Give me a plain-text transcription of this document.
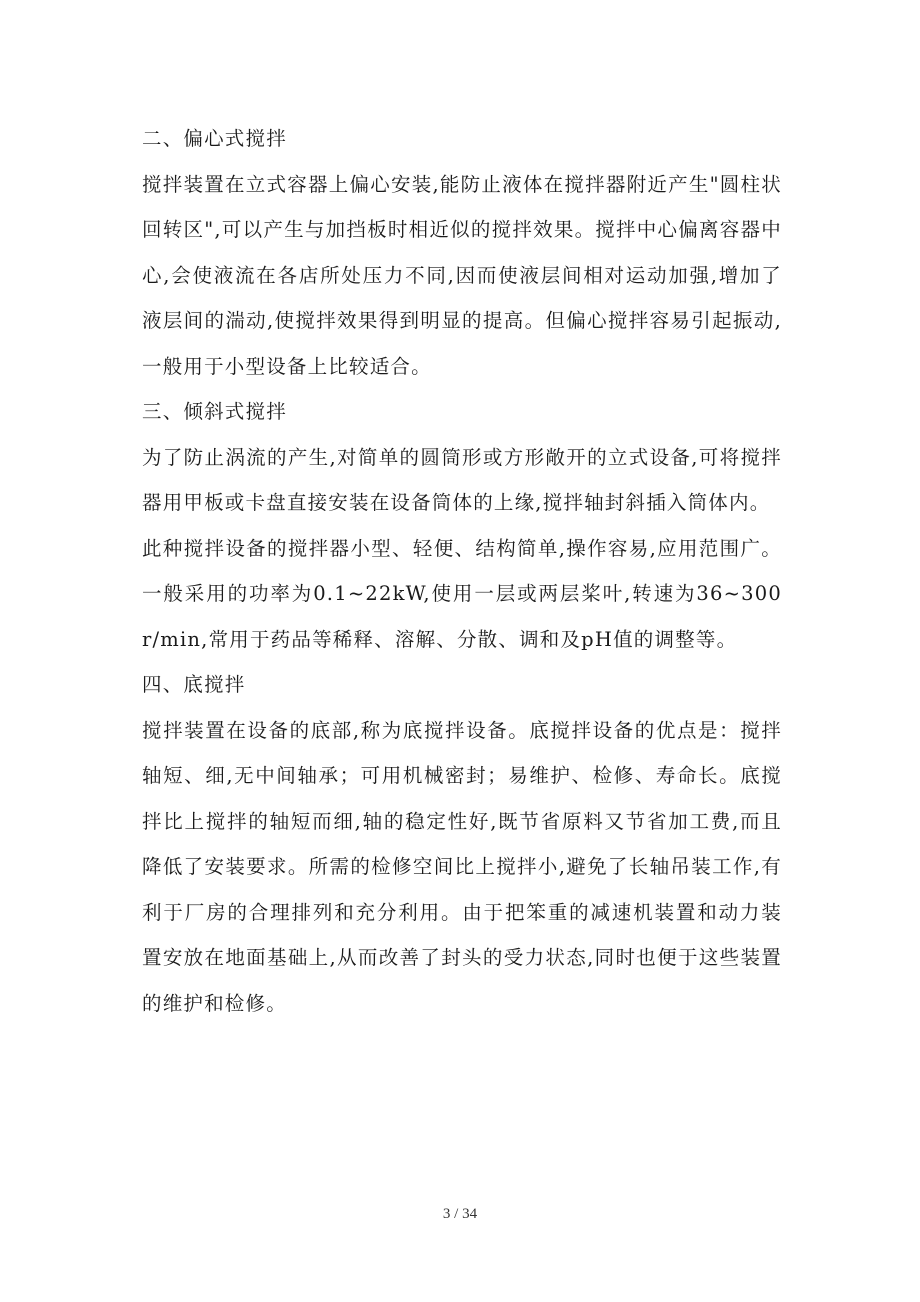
二、偏心式搅拌

搅拌装置在立式容器上偏心安装,能防止液体在搅拌器附近产生"圆柱状回转区",可以产生与加挡板时相近似的搅拌效果。搅拌中心偏离容器中心,会使液流在各店所处压力不同,因而使液层间相对运动加强,增加了液层间的湍动,使搅拌效果得到明显的提高。但偏心搅拌容易引起振动,一般用于小型设备上比较适合。

三、倾斜式搅拌

为了防止涡流的产生,对简单的圆筒形或方形敞开的立式设备,可将搅拌器用甲板或卡盘直接安装在设备筒体的上缘,搅拌轴封斜插入筒体内。

此种搅拌设备的搅拌器小型、轻便、结构简单,操作容易,应用范围广。一般采用的功率为0.1~22kW,使用一层或两层桨叶,转速为36~300r/min,常用于药品等稀释、溶解、分散、调和及pH值的调整等。

四、底搅拌

搅拌装置在设备的底部,称为底搅拌设备。底搅拌设备的优点是：搅拌轴短、细,无中间轴承；可用机械密封；易维护、检修、寿命长。底搅拌比上搅拌的轴短而细,轴的稳定性好,既节省原料又节省加工费,而且降低了安装要求。所需的检修空间比上搅拌小,避免了长轴吊装工作,有利于厂房的合理排列和充分利用。由于把笨重的减速机装置和动力装置安放在地面基础上,从而改善了封头的受力状态,同时也便于这些装置的维护和检修。

3 / 34
